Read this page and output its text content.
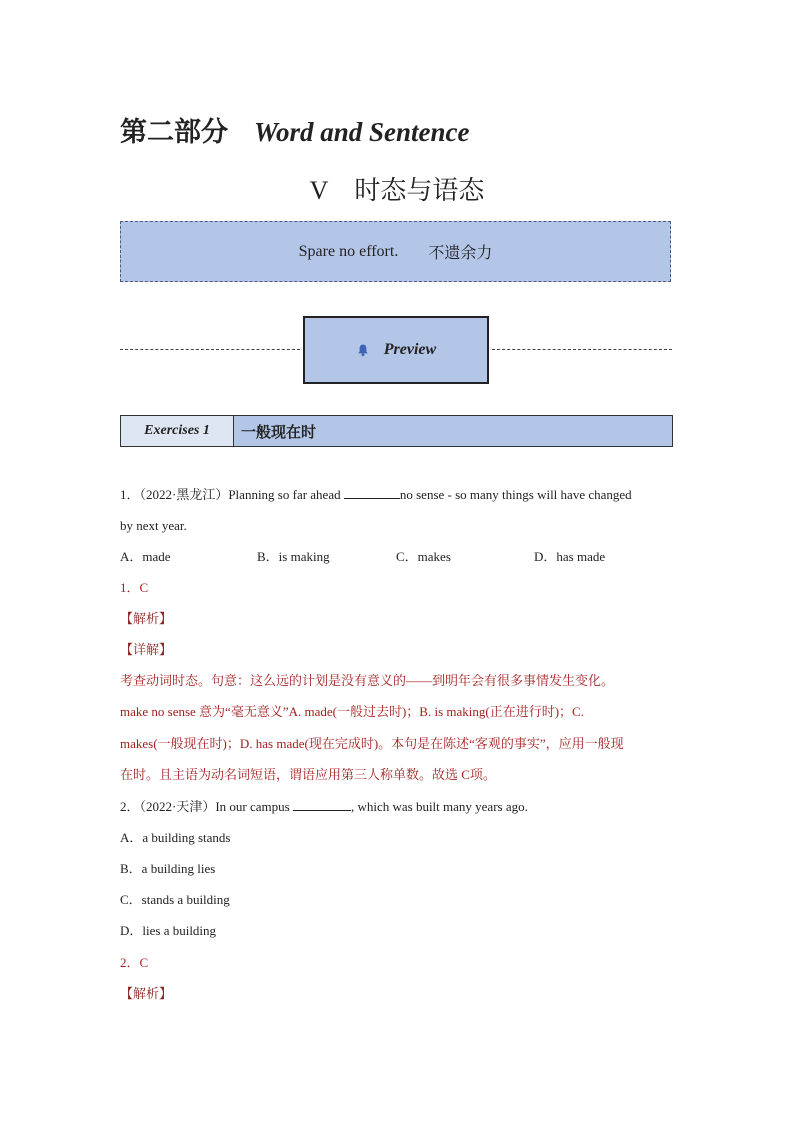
第二部分 Word and Sentence
V 时态与语态
Spare no effort. 不遗余力
Preview
Exercises 1	一般现在时
1．（2022·黑龙江）Planning so far ahead	no sense - so many things will have changed
by next year.
A．made	B．is making	C．makes	D．has made
1．C
【解析】
【详解】
考查动词时态。句意：这么远的计划是没有意义的——到明年会有很多事情发生变化。
make no sense 意为“毫无意义”A. made(一般过去时)；B. is making(正在进行时)；C.
makes(一般现在时)；D. has made(现在完成时)。本句是在陈述“客观的事实”，应用一般现
在时。且主语为动名词短语，谓语应用第三人称单数。故选 C项。
2．（2022·天津）In our campus	, which was built many years ago.
A．a building stands
B．a building lies
C．stands a building
D．lies a building
2．C
【解析】
